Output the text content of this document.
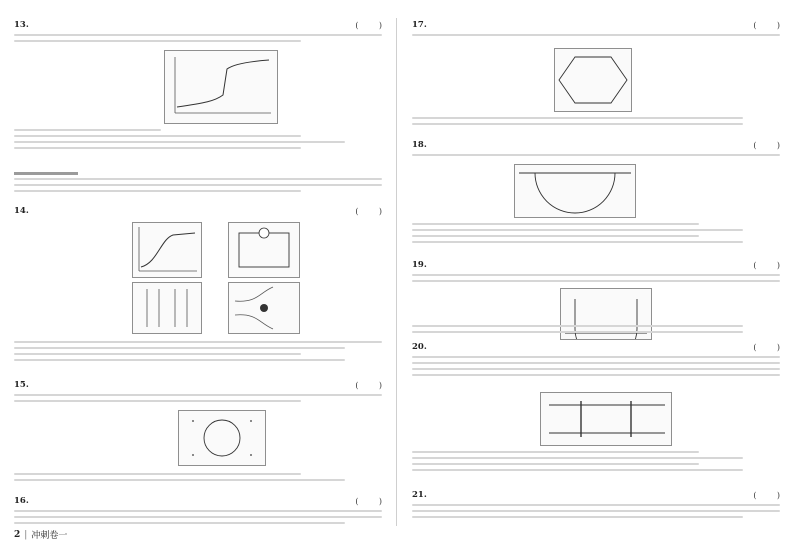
13 .	(        )
14 .	(        )
15 .	(        )
16 .	(        )
17 .	(        )
18 .	(        )
19 .	(        )
20 .	(        )
21 .	(        )
2 | 冲刺卷一
